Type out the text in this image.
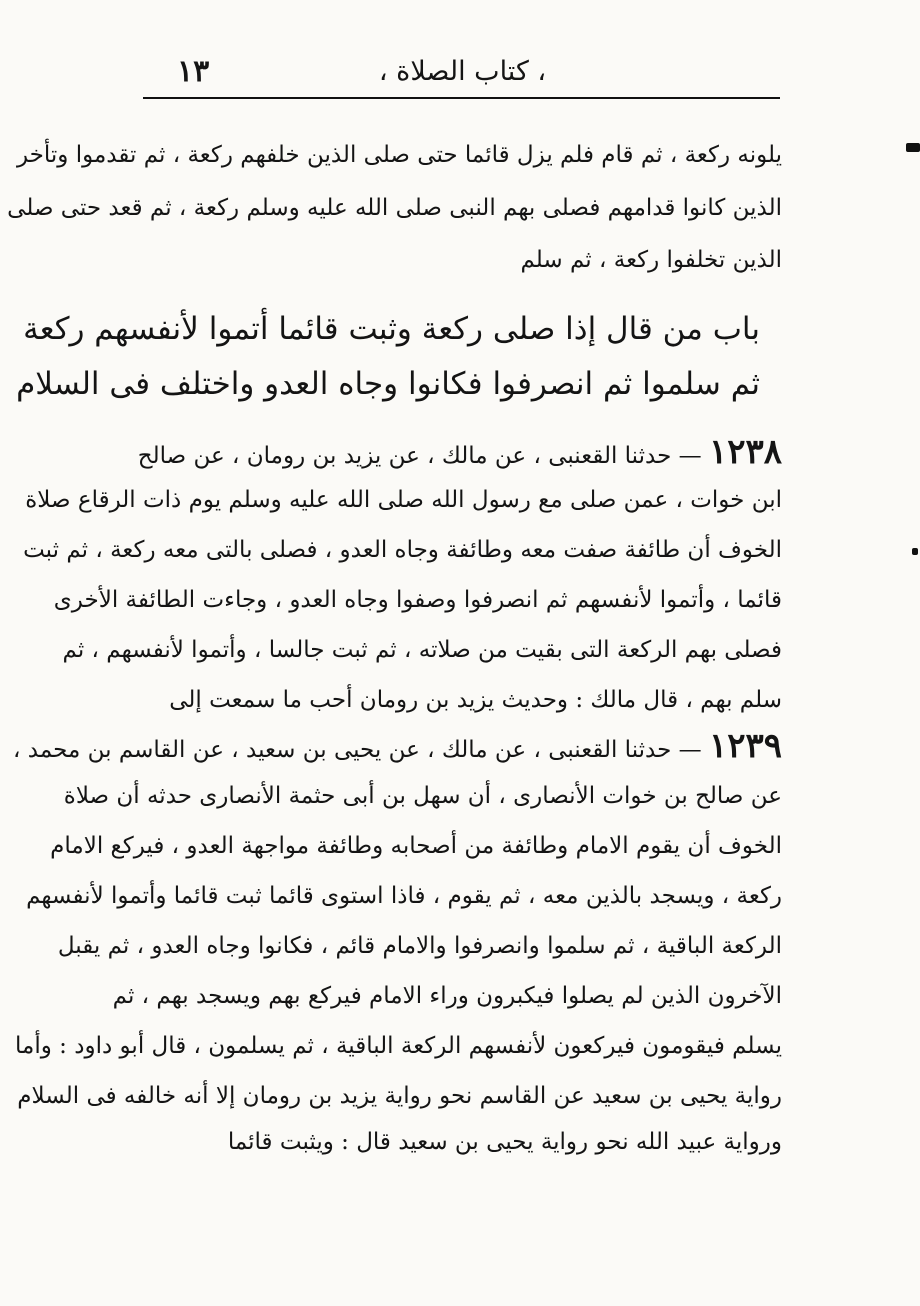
١٣	، كتاب الصلاة ،
يلونه ركعة ، ثم قام فلم يزل قائما حتى صلى الذين خلفهم ركعة ، ثم تقدموا وتأخر
الذين كانوا قدامهم فصلى بهم النبى صلى الله عليه وسلم ركعة ، ثم قعد حتى صلى
الذين تخلفوا ركعة ، ثم سلم
باب من قال إذا صلى ركعة وثبت قائما أتموا لأنفسهم ركعة
ثم سلموا ثم انصرفوا فكانوا وجاه العدو واختلف فى السلام
١٢٣٨ — حدثنا القعنبى ، عن مالك ، عن يزيد بن رومان ، عن صالح
ابن خوات ، عمن صلى مع رسول الله صلى الله عليه وسلم يوم ذات الرقاع صلاة
الخوف أن طائفة صفت معه وطائفة وجاه العدو ، فصلى بالتى معه ركعة ، ثم ثبت
قائما ، وأتموا لأنفسهم ثم انصرفوا وصفوا وجاه العدو ، وجاءت الطائفة الأخرى
فصلى بهم الركعة التى بقيت من صلاته ، ثم ثبت جالسا ، وأتموا لأنفسهم ، ثم
سلم بهم ، قال مالك : وحديث يزيد بن رومان أحب ما سمعت إلى
١٢٣٩ — حدثنا القعنبى ، عن مالك ، عن يحيى بن سعيد ، عن القاسم بن محمد ،
عن صالح بن خوات الأنصارى ، أن سهل بن أبى حثمة الأنصارى حدثه أن صلاة
الخوف أن يقوم الامام وطائفة من أصحابه وطائفة مواجهة العدو ، فيركع الامام
ركعة ، ويسجد بالذين معه ، ثم يقوم ، فاذا استوى قائما ثبت قائما وأتموا لأنفسهم
الركعة الباقية ، ثم سلموا وانصرفوا والامام قائم ، فكانوا وجاه العدو ، ثم يقبل
الآخرون الذين لم يصلوا فيكبرون وراء الامام فيركع بهم ويسجد بهم ، ثم
يسلم فيقومون فيركعون لأنفسهم الركعة الباقية ، ثم يسلمون ، قال أبو داود : وأما
رواية يحيى بن سعيد عن القاسم نحو رواية يزيد بن رومان إلا أنه خالفه فى السلام
ورواية عبيد الله نحو رواية يحيى بن سعيد قال : ويثبت قائما
